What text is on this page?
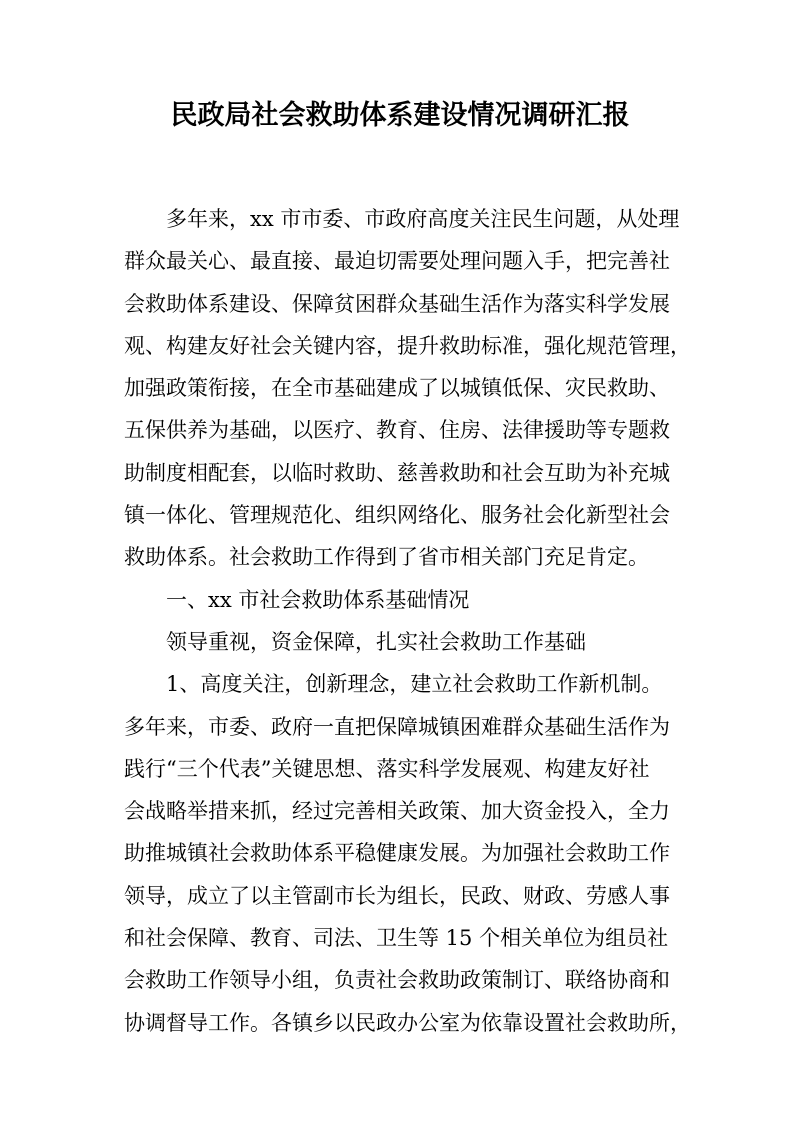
民政局社会救助体系建设情况调研汇报

多年来，xx 市市委、市政府高度关注民生问题，从处理

群众最关心、最直接、最迫切需要处理问题入手，把完善社

会救助体系建设、保障贫困群众基础生活作为落实科学发展

观、构建友好社会关键内容，提升救助标准，强化规范管理，

加强政策衔接，在全市基础建成了以城镇低保、灾民救助、

五保供养为基础，以医疗、教育、住房、法律援助等专题救

助制度相配套，以临时救助、慈善救助和社会互助为补充城

镇一体化、管理规范化、组织网络化、服务社会化新型社会

救助体系。社会救助工作得到了省市相关部门充足肯定。

一、xx 市社会救助体系基础情况

领导重视，资金保障，扎实社会救助工作基础

1、高度关注，创新理念，建立社会救助工作新机制。

多年来，市委、政府一直把保障城镇困难群众基础生活作为

践行“三个代表”关键思想、落实科学发展观、构建友好社

会战略举措来抓，经过完善相关政策、加大资金投入，全力

助推城镇社会救助体系平稳健康发展。为加强社会救助工作

领导，成立了以主管副市长为组长，民政、财政、劳感人事

和社会保障、教育、司法、卫生等 15 个相关单位为组员社

会救助工作领导小组，负责社会救助政策制订、联络协商和

协调督导工作。各镇乡以民政办公室为依靠设置社会救助所，
